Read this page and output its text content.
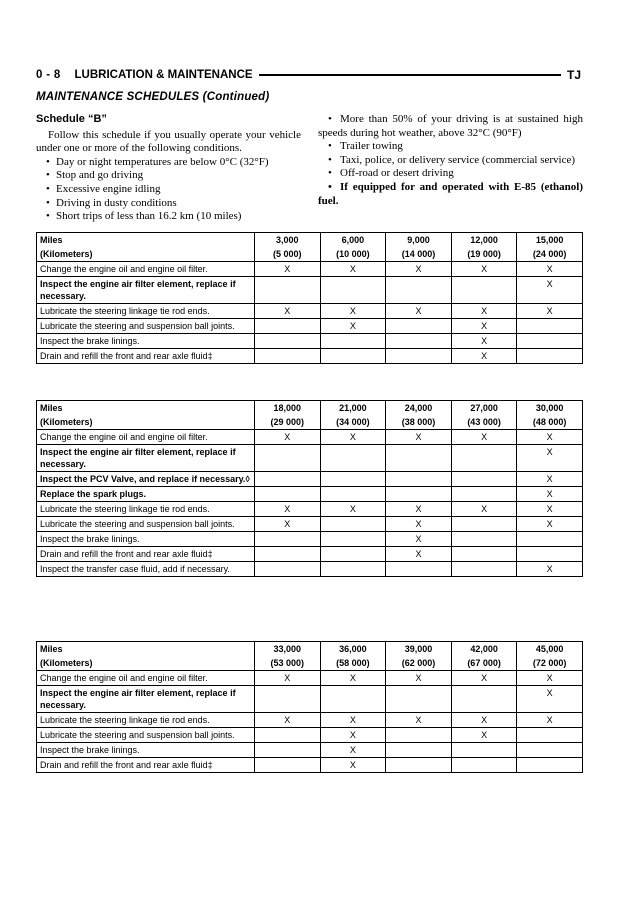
0 - 8 LUBRICATION & MAINTENANCE	TJ
MAINTENANCE SCHEDULES (Continued)
Schedule “B”

Follow this schedule if you usually operate your vehicle under one or more of the following conditions.

• Day or night temperatures are below 0°C (32°F)
• Stop and go driving
• Excessive engine idling
• Driving in dusty conditions
• Short trips of less than 16.2 km (10 miles)
• More than 50% of your driving is at sustained high speeds during hot weather, above 32°C (90°F)
• Trailer towing
• Taxi, police, or delivery service (commercial service)
• Off-road or desert driving
• If equipped for and operated with E-85 (ethanol) fuel.
Miles	3,000	6,000	9,000	12,000	15,000
(Kilometers)	(5 000)	(10 000)	(14 000)	(19 000)	(24 000)
Change the engine oil and engine oil filter.	X	X	X	X	X
Inspect the engine air filter element, replace if necessary.					X
Lubricate the steering linkage tie rod ends.	X	X	X	X	X
Lubricate the steering and suspension ball joints.		X		X	
Inspect the brake linings.				X	
Drain and refill the front and rear axle fluid‡				X	
Miles	18,000	21,000	24,000	27,000	30,000
(Kilometers)	(29 000)	(34 000)	(38 000)	(43 000)	(48 000)
Change the engine oil and engine oil filter.	X	X	X	X	X
Inspect the engine air filter element, replace if necessary.					X
Inspect the PCV Valve, and replace if necessary.◊					X
Replace the spark plugs.					X
Lubricate the steering linkage tie rod ends.	X	X	X	X	X
Lubricate the steering and suspension ball joints.	X		X		X
Inspect the brake linings.			X		
Drain and refill the front and rear axle fluid‡			X		
Inspect the transfer case fluid, add if necessary.					X
Miles	33,000	36,000	39,000	42,000	45,000
(Kilometers)	(53 000)	(58 000)	(62 000)	(67 000)	(72 000)
Change the engine oil and engine oil filter.	X	X	X	X	X
Inspect the engine air filter element, replace if necessary.					X
Lubricate the steering linkage tie rod ends.	X	X	X	X	X
Lubricate the steering and suspension ball joints.		X		X	
Inspect the brake linings.		X			
Drain and refill the front and rear axle fluid‡		X			
